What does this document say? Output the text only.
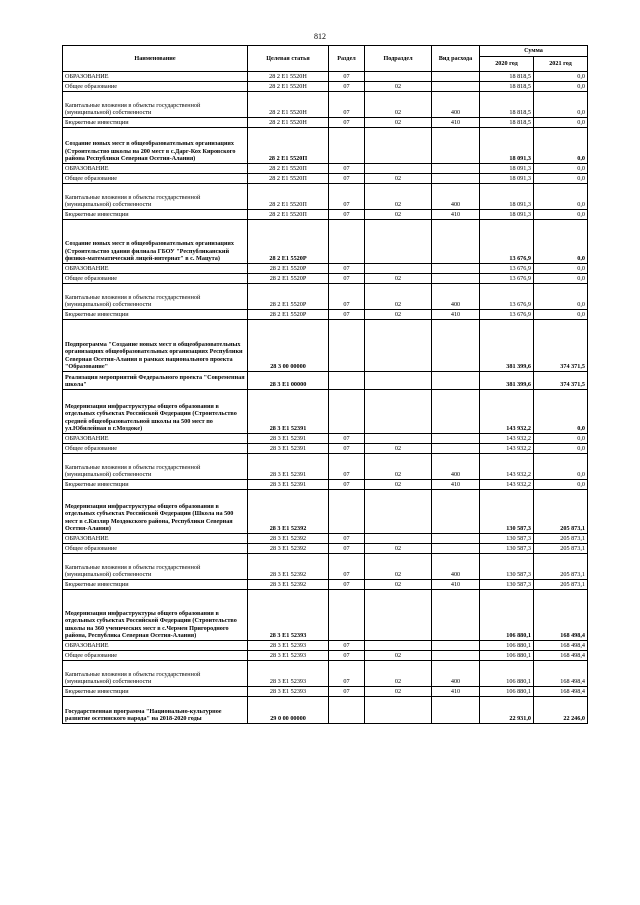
812
Наименование	Целевая статья	Раздел	Подраздел	Вид расхода	Сумма	
					2020 год	2021 год
ОБРАЗОВАНИЕ	28 2 Е1 5520Н	07			18 818,5	0,0
Общее образование	28 2 Е1 5520Н	07	02		18 818,5	0,0
Капитальные вложения в объекты государственной (муниципальной) собственности	28 2 Е1 5520Н	07	02	400	18 818,5	0,0
Бюджетные инвестиции	28 2 Е1 5520Н	07	02	410	18 818,5	0,0
Создание новых мест в общеобразовательных организациях (Строительство школы на 200 мест в с.Дарг-Кох Кировского района Республики Северная Осетия-Алания)	28 2 Е1 5520П				18 091,3	0,0
ОБРАЗОВАНИЕ	28 2 Е1 5520П	07			18 091,3	0,0
Общее образование	28 2 Е1 5520П	07	02		18 091,3	0,0
Капитальные вложения в объекты государственной (муниципальной) собственности	28 2 Е1 5520П	07	02	400	18 091,3	0,0
Бюджетные инвестиции	28 2 Е1 5520П	07	02	410	18 091,3	0,0
Создание новых мест в общеобразовательных организациях (Строительство здания филиала ГБОУ "Республиканский физико-математический лицей-интернат" в с. Мацута)	28 2 Е1 5520Р				13 676,9	0,0
ОБРАЗОВАНИЕ	28 2 Е1 5520Р	07			13 676,9	0,0
Общее образование	28 2 Е1 5520Р	07	02		13 676,9	0,0
Капитальные вложения в объекты государственной (муниципальной) собственности	28 2 Е1 5520Р	07	02	400	13 676,9	0,0
Бюджетные инвестиции	28 2 Е1 5520Р	07	02	410	13 676,9	0,0
Подпрограмма "Создание новых мест в общеобразовательных организациях общеобразовательных организациях Республики Северная Осетия-Алания в рамках национального проекта "Образование"	28 3 00 00000				381 399,6	374 371,5
Реализация мероприятий Федерального проекта "Современная школа"	28 3 Е1 00000				381 399,6	374 371,5
Модернизация инфраструктуры общего образования в отдельных субъектах Российской Федерации (Строительство средней общеобразовательной школы на 500 мест по ул.Юбилейная в г.Моздоке)	28 3 Е1 52391				143 932,2	0,0
ОБРАЗОВАНИЕ	28 3 Е1 52391	07			143 932,2	0,0
Общее образование	28 3 Е1 52391	07	02		143 932,2	0,0
Капитальные вложения в объекты государственной (муниципальной) собственности	28 3 Е1 52391	07	02	400	143 932,2	0,0
Бюджетные инвестиции	28 3 Е1 52391	07	02	410	143 932,2	0,0
Модернизация инфраструктуры общего образования в отдельных субъектах Российской Федерации (Школа на 500 мест в с.Кизляр Моздокского района, Республики Северная Осетия-Алания)	28 3 Е1 52392				130 587,3	205 873,1
ОБРАЗОВАНИЕ	28 3 Е1 52392	07			130 587,3	205 873,1
Общее образование	28 3 Е1 52392	07	02		130 587,3	205 873,1
Капитальные вложения в объекты государственной (муниципальной) собственности	28 3 Е1 52392	07	02	400	130 587,3	205 873,1
Бюджетные инвестиции	28 3 Е1 52392	07	02	410	130 587,3	205 873,1
Модернизация инфраструктуры общего образования в отдельных субъектах Российской Федерации (Строительство школы на 360 ученических мест в с.Чермен Пригородного района, Республика Северная Осетия-Алания)	28 3 Е1 52393				106 880,1	168 498,4
ОБРАЗОВАНИЕ	28 3 Е1 52393	07			106 880,1	168 498,4
Общее образование	28 3 Е1 52393	07	02		106 880,1	168 498,4
Капитальные вложения в объекты государственной (муниципальной) собственности	28 3 Е1 52393	07	02	400	106 880,1	168 498,4
Бюджетные инвестиции	28 3 Е1 52393	07	02	410	106 880,1	168 498,4
Государственная программа "Национально-культурное развитие осетинского народа" на 2018-2020 годы	29 0 00 00000				22 931,0	22 246,0
